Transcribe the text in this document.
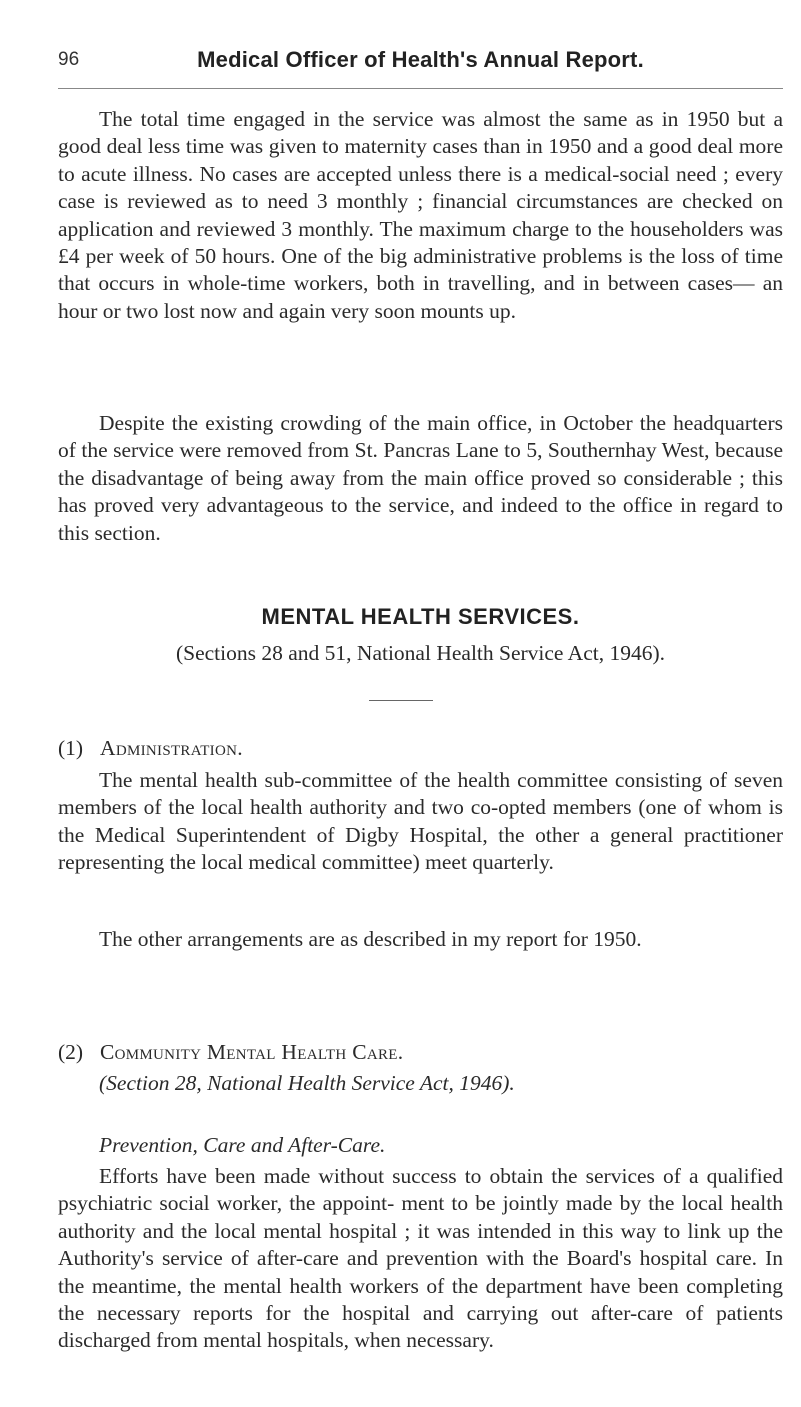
96	Medical Officer of Health's Annual Report.

The total time engaged in the service was almost the same as in 1950 but a good deal less time was given to maternity cases than in 1950 and a good deal more to acute illness. No cases are accepted unless there is a medical-social need ; every case is reviewed as to need 3 monthly ; financial circumstances are checked on application and reviewed 3 monthly. The maximum charge to the householders was £4 per week of 50 hours. One of the big administrative problems is the loss of time that occurs in whole-time workers, both in travelling, and in between cases— an hour or two lost now and again very soon mounts up.

Despite the existing crowding of the main office, in October the headquarters of the service were removed from St. Pancras Lane to 5, Southernhay West, because the disadvantage of being away from the main office proved so considerable ; this has proved very advantageous to the service, and indeed to the office in regard to this section.

MENTAL HEALTH SERVICES.
(Sections 28 and 51, National Health Service Act, 1946).
(1) Administration.

The mental health sub-committee of the health committee consisting of seven members of the local health authority and two co-opted members (one of whom is the Medical Superintendent of Digby Hospital, the other a general practitioner representing the local medical committee) meet quarterly.

The other arrangements are as described in my report for 1950.

(2) Community Mental Health Care.
(Section 28, National Health Service Act, 1946).
Prevention, Care and After-Care.

Efforts have been made without success to obtain the services of a qualified psychiatric social worker, the appoint- ment to be jointly made by the local health authority and the local mental hospital ; it was intended in this way to link up the Authority's service of after-care and prevention with the Board's hospital care. In the meantime, the mental health workers of the department have been completing the necessary reports for the hospital and carrying out after-care of patients discharged from mental hospitals, when necessary.
